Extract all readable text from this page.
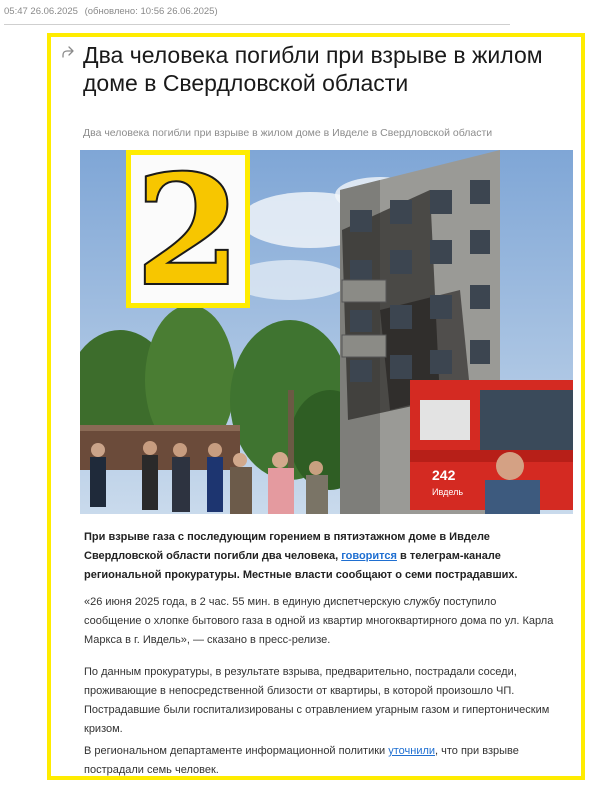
05:47 26.06.2025 (обновлено: 10:56 26.06.2025)
Два человека погибли при взрыве в жилом доме в Свердловской области
Два человека погибли при взрыве в жилом доме в Ивделе в Свердловской области
242
Ивдель
2

При взрыве газа с последующим горением в пятиэтажном доме в Ивделе Свердловской области погибли два человека, говорится в телеграм-канале региональной прокуратуры. Местные власти сообщают о семи пострадавших.

«26 июня 2025 года, в 2 час. 55 мин. в единую диспетчерскую службу поступило сообщение о хлопке бытового газа в одной из квартир многоквартирного дома по ул. Карла Маркса в г. Ивдель», — сказано в пресс-релизе.

По данным прокуратуры, в результате взрыва, предварительно, пострадали соседи, проживающие в непосредственной близости от квартиры, в которой произошло ЧП. Пострадавшие были госпитализированы с отравлением угарным газом и гипертоническим кризом.

В региональном департаменте информационной политики уточнили, что при взрыве пострадали семь человек.
